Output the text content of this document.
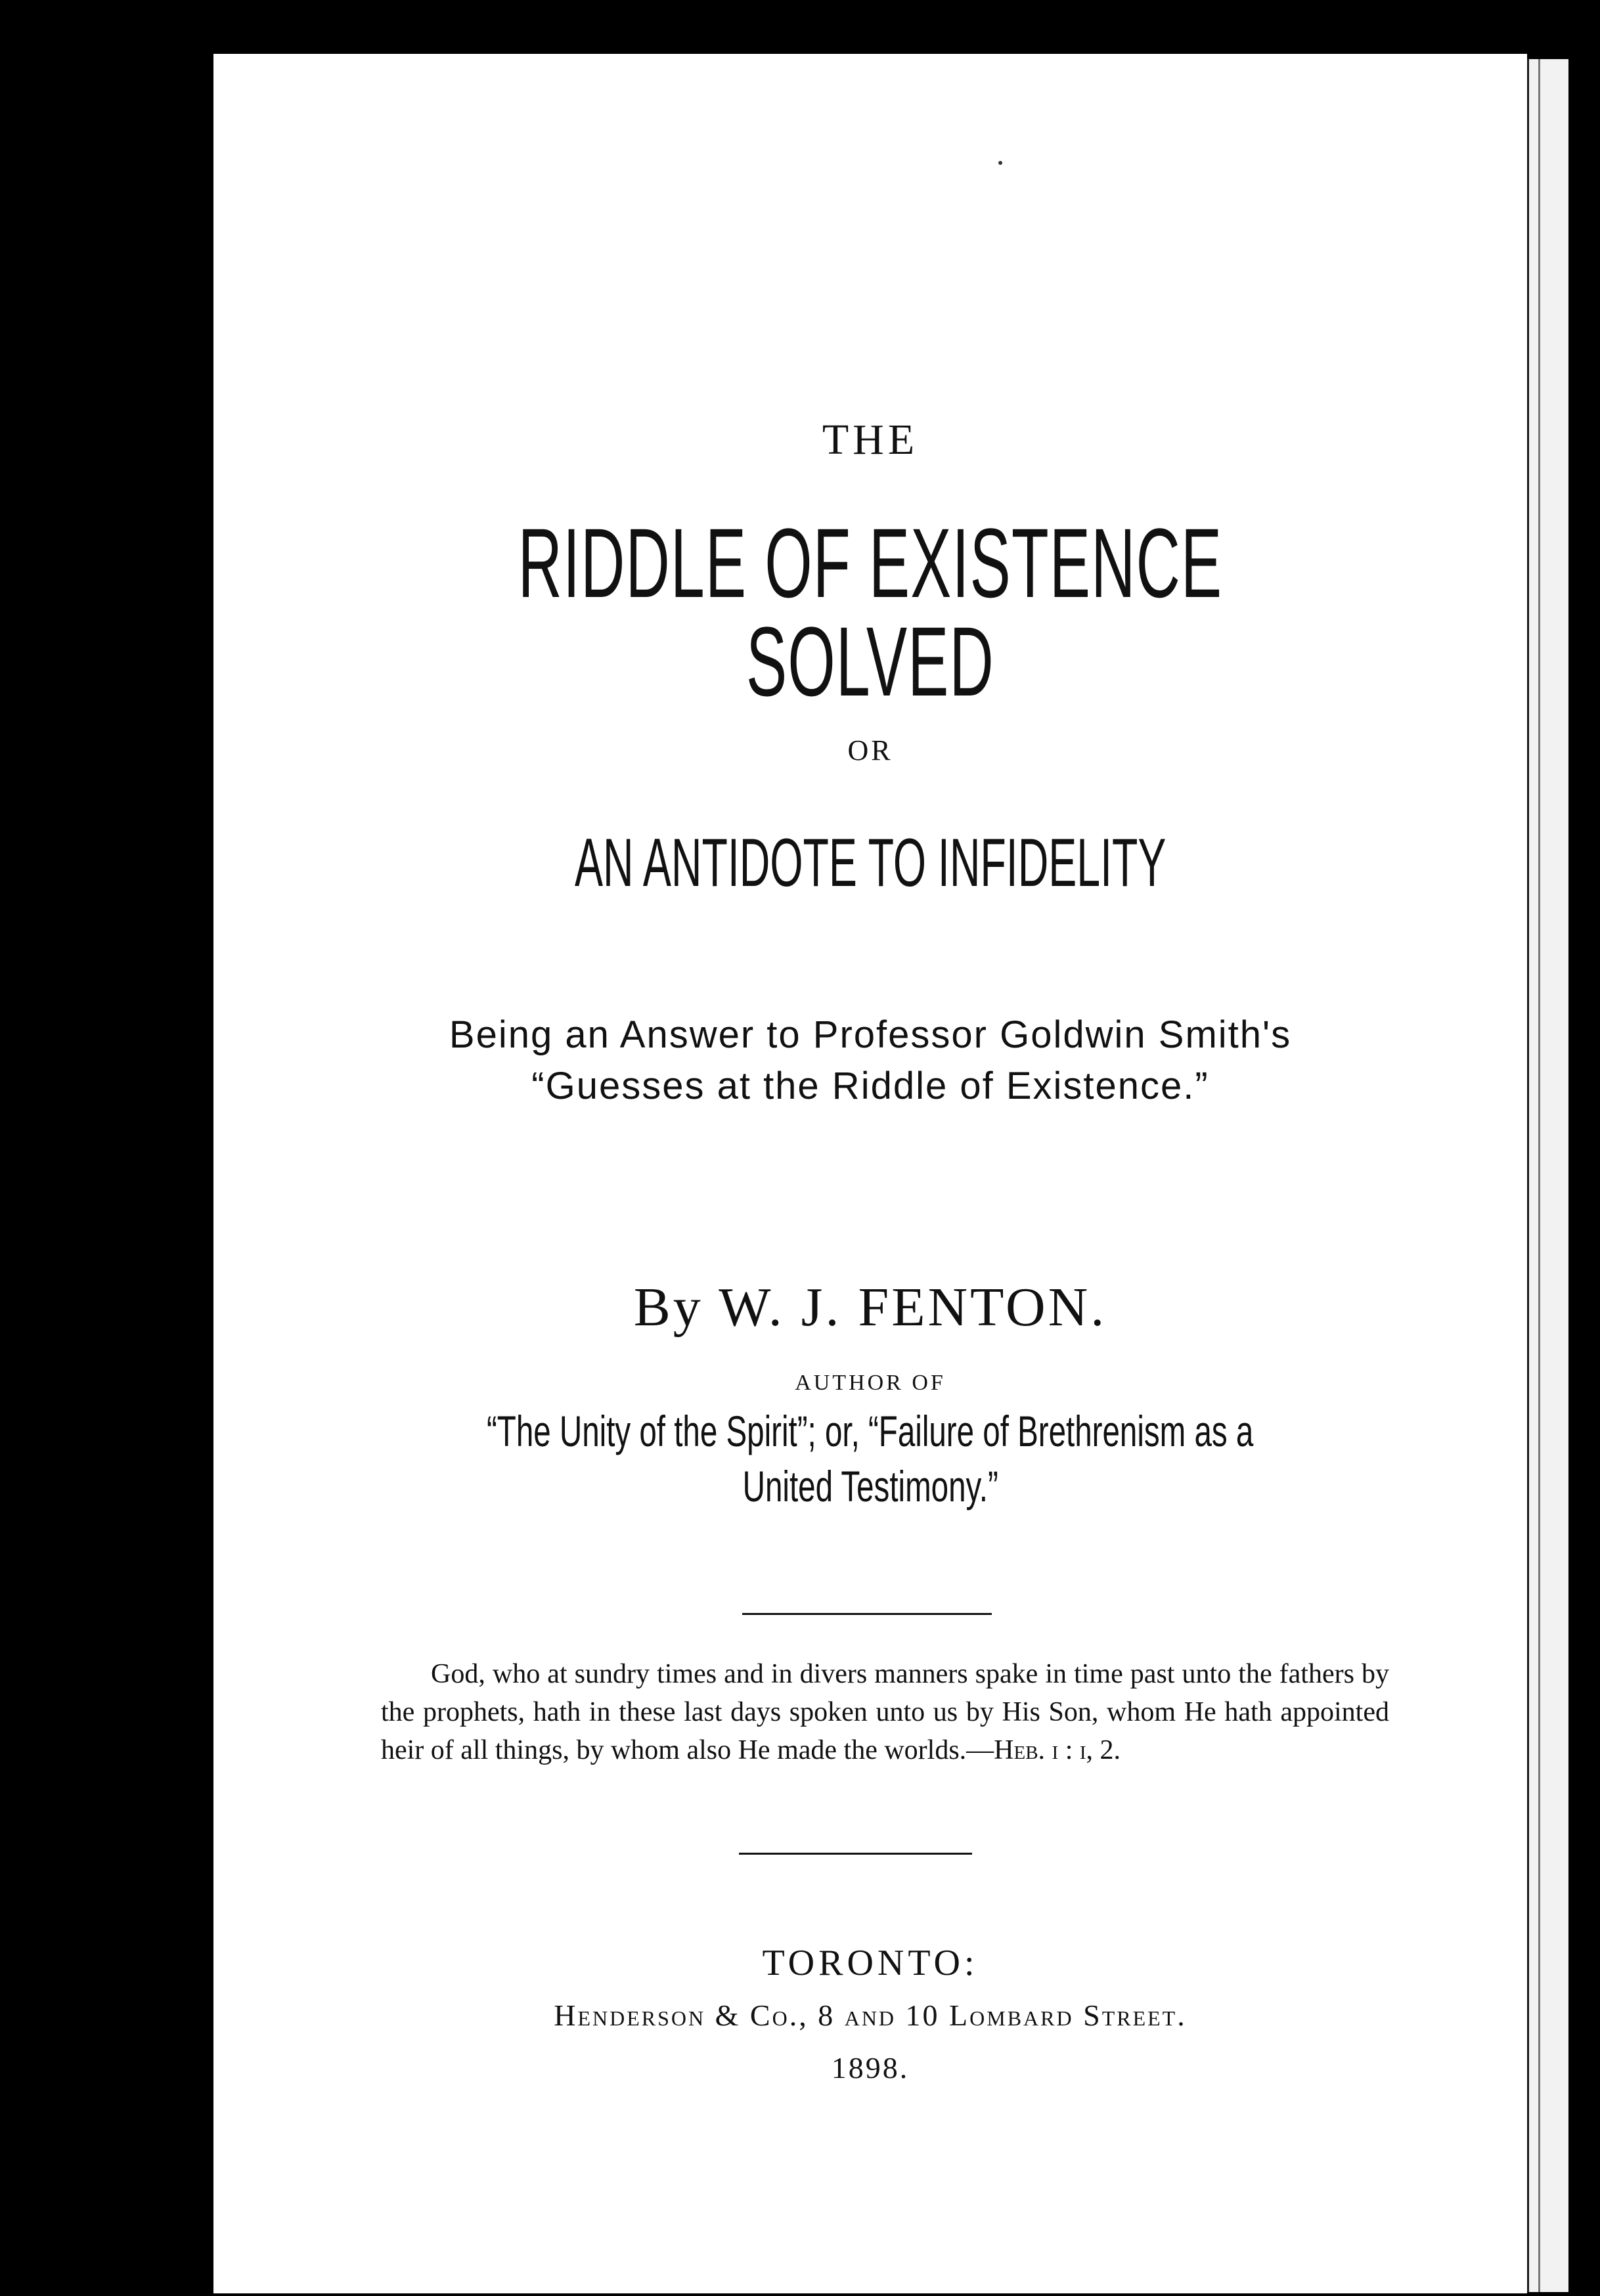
THE
RIDDLE OF EXISTENCE SOLVED
OR
AN ANTIDOTE TO INFIDELITY
Being an Answer to Professor Goldwin Smith's
“Guesses at the Riddle of Existence.”
By W. J. FENTON.
AUTHOR OF
“The Unity of the Spirit”; or, “Failure of Brethrenism as a
United Testimony.”
God, who at sundry times and in divers manners spake in time past unto the fathers by the prophets, hath in these last days spoken unto us by His Son, whom He hath appointed heir of all things, by whom also He made the worlds.—Heb. i : i, 2.
TORONTO:
Henderson & Co., 8 and 10 Lombard Street.
1898.
